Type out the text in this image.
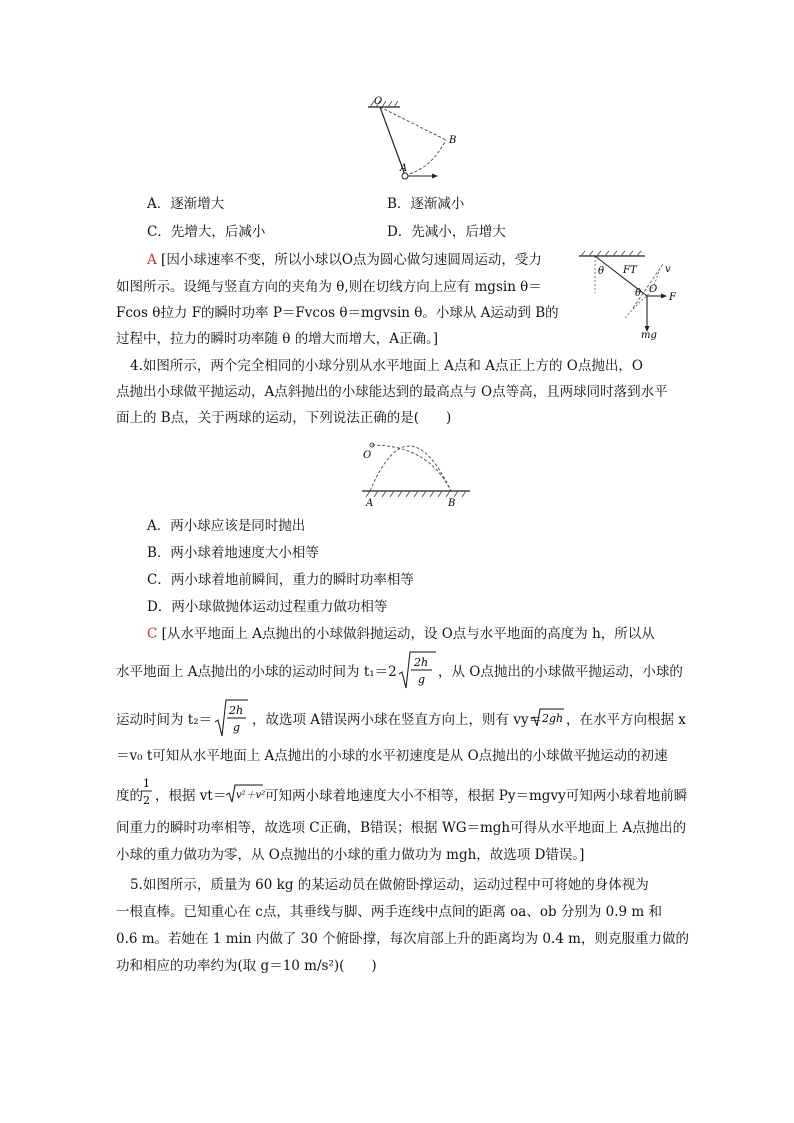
O
A
B
A．逐渐增大	B．逐渐减小
C．先增大，后减小	D．先减小，后增大
A [因小球速率不变，所以小球以O点为圆心做匀速圆周运动，受力
如图所示。设绳与竖直方向的夹角为 θ,则在切线方向上应有 mgsin θ＝
Fcos θ拉力 F的瞬时功率 P＝Fvcos θ＝mgvsin θ。小球从 A运动到 B的
过程中，拉力的瞬时功率随 θ 的增大而增大，A正确。]
θ
θ
FT	v
O
F
mg
4.如图所示，两个完全相同的小球分别从水平地面上 A点和 A点正上方的 O点抛出，O
点抛出小球做平抛运动，A点斜抛出的小球能达到的最高点与 O点等高，且两球同时落到水平
面上的 B点，关于两球的运动，下列说法正确的是(　　)
O
A	B
A．两小球应该是同时抛出
B．两小球着地速度大小相等
C．两小球着地前瞬间，重力的瞬时功率相等
D．两小球做抛体运动过程重力做功相等
C [从水平地面上 A点抛出的小球做斜抛运动，设 O点与水平地面的高度为 h，所以从
水平地面上 A点抛出的小球的运动时间为 t₁＝2
2h
g ，从 O点抛出的小球做平抛运动，小球的
运动时间为 t₂＝
2h
g ，故选项 A错误两小球在竖直方向上，则有 vy＝ 2gh ，在水平方向根据 x
＝v₀ t可知从水平地面上 A点抛出的小球的水平初速度是从 O点抛出的小球做平抛运动的初速
度的
1
2 ，根据 vt＝ v²＋v² 可知两小球着地速度大小不相等，根据 Py＝mgvy可知两小球着地前瞬
间重力的瞬时功率相等，故选项 C正确，B错误；根据 WG＝mgh可得从水平地面上 A点抛出的
小球的重力做功为零，从 O点抛出的小球的重力做功为 mgh，故选项 D错误。]
5.如图所示，质量为 60 kg 的某运动员在做俯卧撑运动，运动过程中可将她的身体视为
一根直棒。已知重心在 c点，其垂线与脚、两手连线中点间的距离 oa、ob 分别为 0.9 m 和
0.6 m。若她在 1 min 内做了 30 个俯卧撑，每次肩部上升的距离均为 0.4 m，则克服重力做的
功和相应的功率约为(取 g＝10 m/s²)(　　)
